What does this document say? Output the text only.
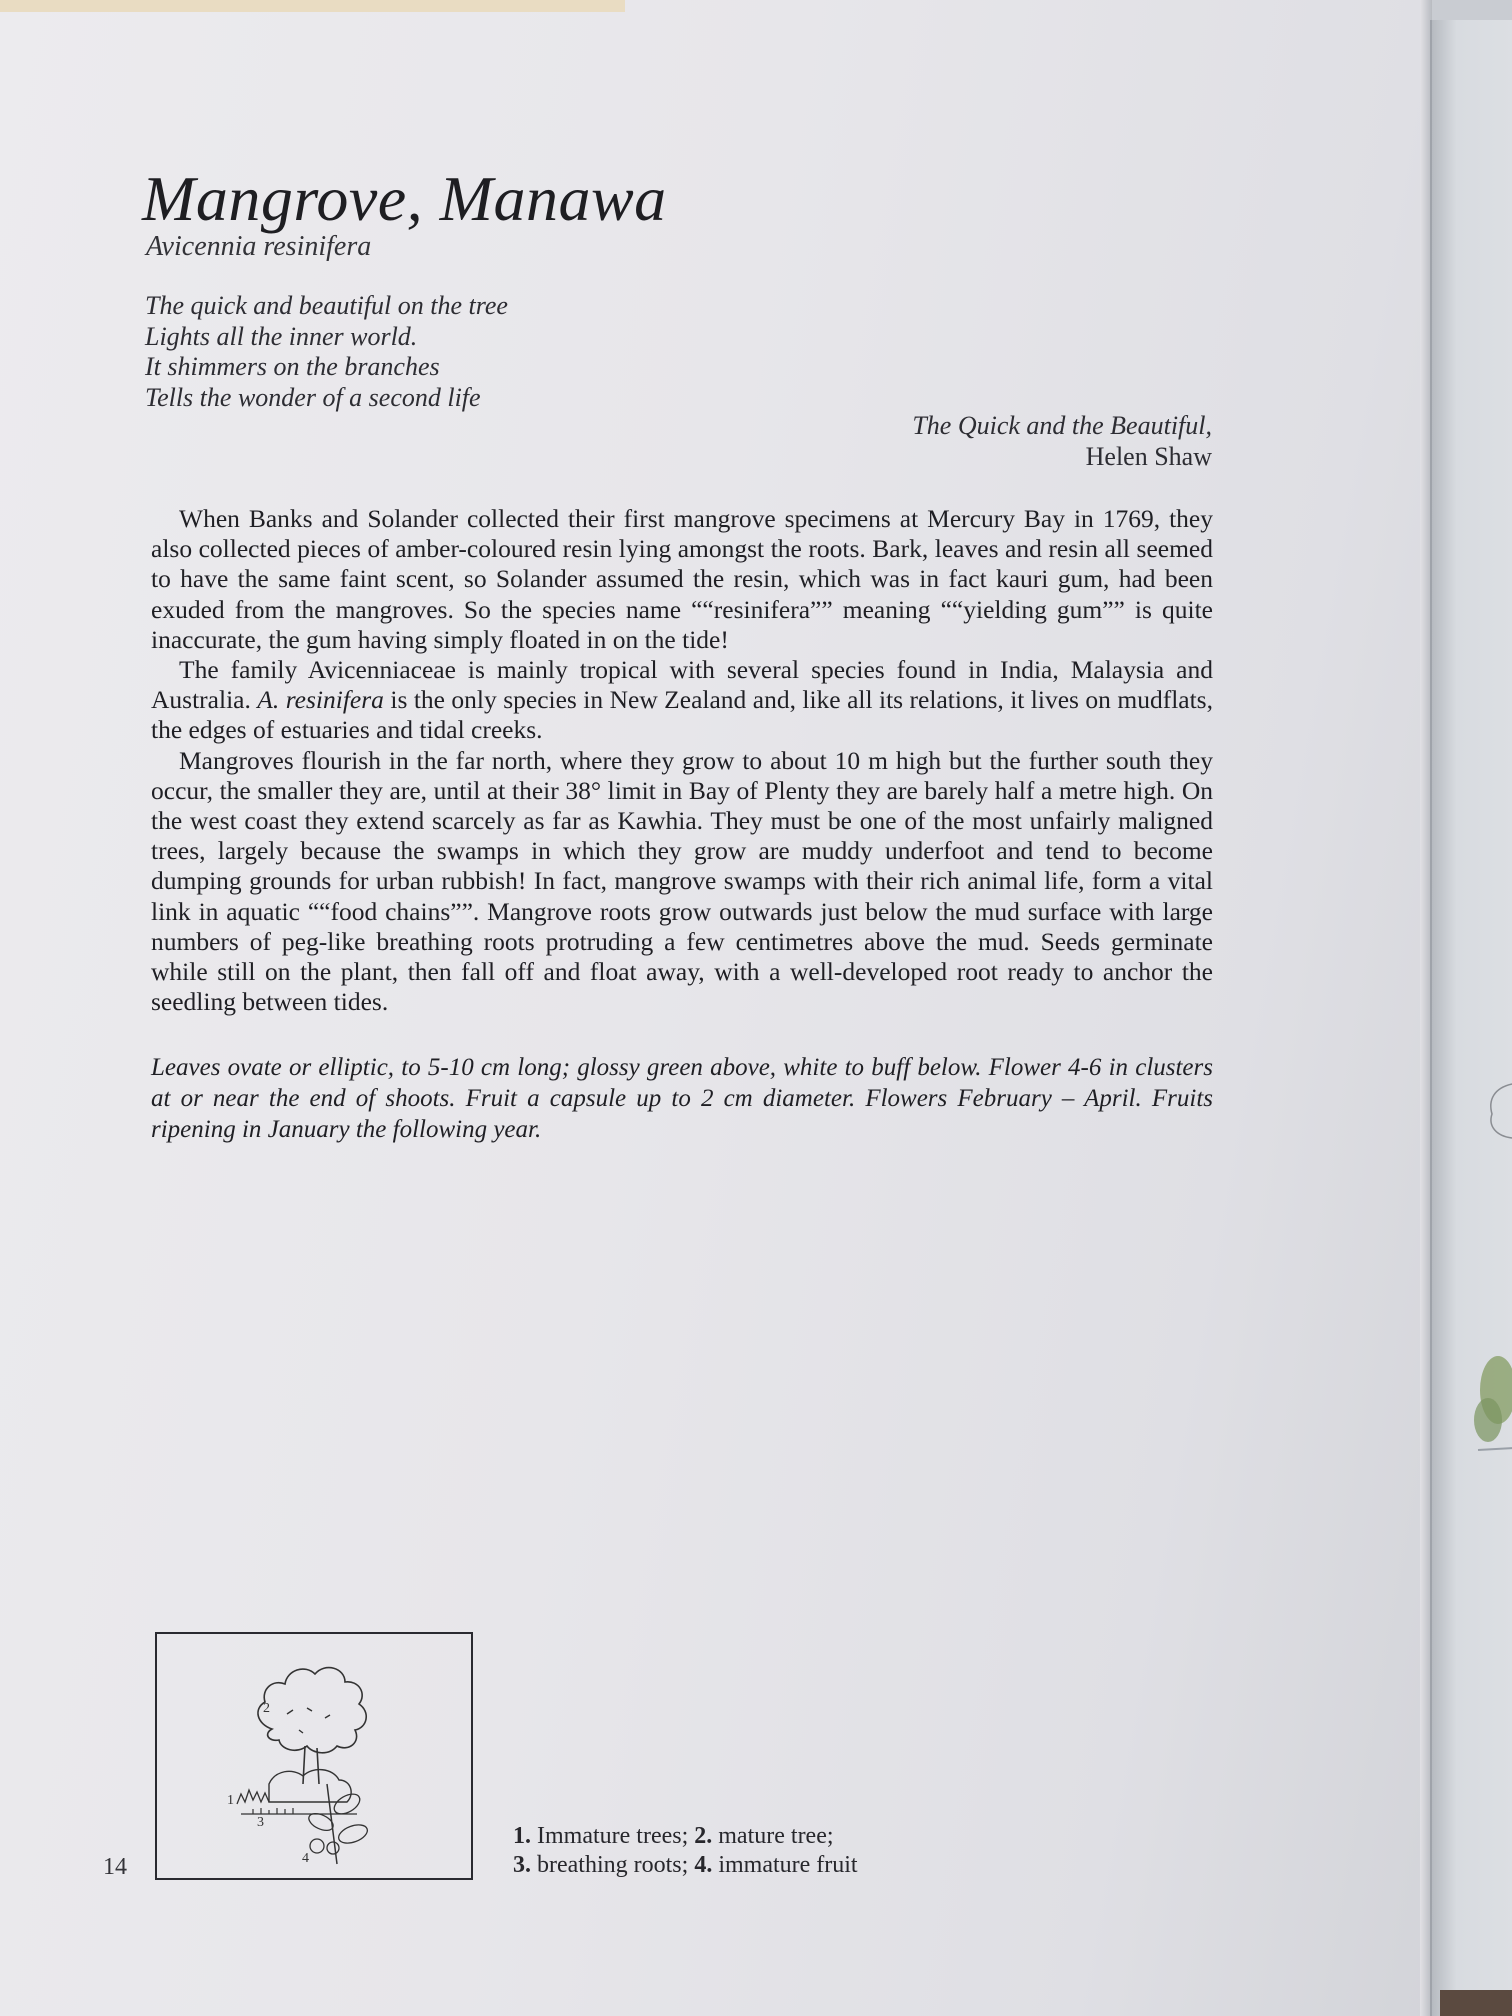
Mangrove, Manawa
Avicennia resinifera
The quick and beautiful on the tree
Lights all the inner world.
It shimmers on the branches
Tells the wonder of a second life
The Quick and the Beautiful,
Helen Shaw

When Banks and Solander collected their first mangrove specimens at Mercury Bay in 1769, they also collected pieces of amber-coloured resin lying amongst the roots. Bark, leaves and resin all seemed to have the same faint scent, so Solander assumed the resin, which was in fact kauri gum, had been exuded from the mangroves. So the species name ““resinifera”” meaning ““yielding gum”” is quite inaccurate, the gum having simply floated in on the tide!

The family Avicenniaceae is mainly tropical with several species found in India, Malaysia and Australia. A. resinifera is the only species in New Zealand and, like all its relations, it lives on mudflats, the edges of estuaries and tidal creeks.

Mangroves flourish in the far north, where they grow to about 10 m high but the further south they occur, the smaller they are, until at their 38° limit in Bay of Plenty they are barely half a metre high. On the west coast they extend scarcely as far as Kawhia. They must be one of the most unfairly maligned trees, largely because the swamps in which they grow are muddy underfoot and tend to become dumping grounds for urban rubbish! In fact, mangrove swamps with their rich animal life, form a vital link in aquatic ““food chains””. Mangrove roots grow outwards just below the mud surface with large numbers of peg-like breathing roots protruding a few centimetres above the mud. Seeds germinate while still on the plant, then fall off and float away, with a well-developed root ready to anchor the seedling between tides.

Leaves ovate or elliptic, to 5-10 cm long; glossy green above, white to buff below. Flower 4-6 in clusters at or near the end of shoots. Fruit a capsule up to 2 cm diameter. Flowers February – April. Fruits ripening in January the following year.

2
1
3
4
1. Immature trees; 2. mature tree;
3. breathing roots; 4. immature fruit
14
